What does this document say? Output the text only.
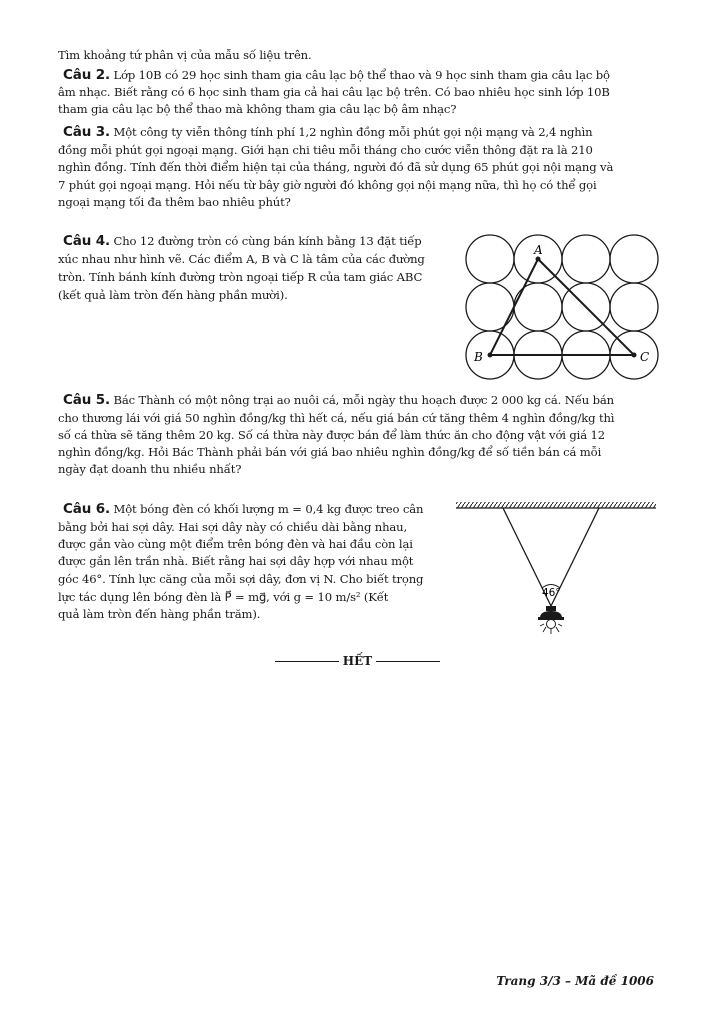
Tìm khoảng tứ phân vị của mẫu số liệu trên.
Câu 2. Lớp 10B có 29 học sinh tham gia câu lạc bộ thể thao và 9 học sinh tham gia câu lạc bộ
âm nhạc. Biết rằng có 6 học sinh tham gia cả hai câu lạc bộ trên. Có bao nhiêu học sinh lớp 10B
tham gia câu lạc bộ thể thao mà không tham gia câu lạc bộ âm nhạc?
Câu 3. Một công ty viễn thông tính phí 1,2 nghìn đồng mỗi phút gọi nội mạng và 2,4 nghìn
đồng mỗi phút gọi ngoại mạng. Giới hạn chi tiêu mỗi tháng cho cước viễn thông đặt ra là 210
nghìn đồng. Tính đến thời điểm hiện tại của tháng, người đó đã sử dụng 65 phút gọi nội mạng và
7 phút gọi ngoại mạng. Hỏi nếu từ bây giờ người đó không gọi nội mạng nữa, thì họ có thể gọi
ngoại mạng tối đa thêm bao nhiêu phút?
Câu 4. Cho 12 đường tròn có cùng bán kính bằng 13 đặt tiếp
xúc nhau như hình vẽ. Các điểm A, B và C là tâm của các đường
tròn. Tính bánh kính đường tròn ngoại tiếp R của tam giác ABC
(kết quả làm tròn đến hàng phần mười).
A
B	C
Câu 5. Bác Thành có một nông trại ao nuôi cá, mỗi ngày thu hoạch được 2 000 kg cá. Nếu bán
cho thương lái với giá 50 nghìn đồng/kg thì hết cá, nếu giá bán cứ tăng thêm 4 nghìn đồng/kg thì
số cá thừa sẽ tăng thêm 20 kg. Số cá thừa này được bán để làm thức ăn cho động vật với giá 12
nghìn đồng/kg. Hỏi Bác Thành phải bán với giá bao nhiêu nghìn đồng/kg để số tiền bán cá mỗi
ngày đạt doanh thu nhiều nhất?
Câu 6. Một bóng đèn có khối lượng m = 0,4 kg được treo cân
bằng bởi hai sợi dây. Hai sợi dây này có chiều dài bằng nhau,
được gắn vào cùng một điểm trên bóng đèn và hai đầu còn lại
được gắn lên trần nhà. Biết rằng hai sợi dây hợp với nhau một
góc 46°. Tính lực căng của mỗi sợi dây, đơn vị N. Cho biết trọng
lực tác dụng lên bóng đèn là P⃗ = mg⃗, với g = 10 m/s² (Kết
quả làm tròn đến hàng phần trăm).
46°
HẾT
Trang 3/3 – Mã đề 1006
